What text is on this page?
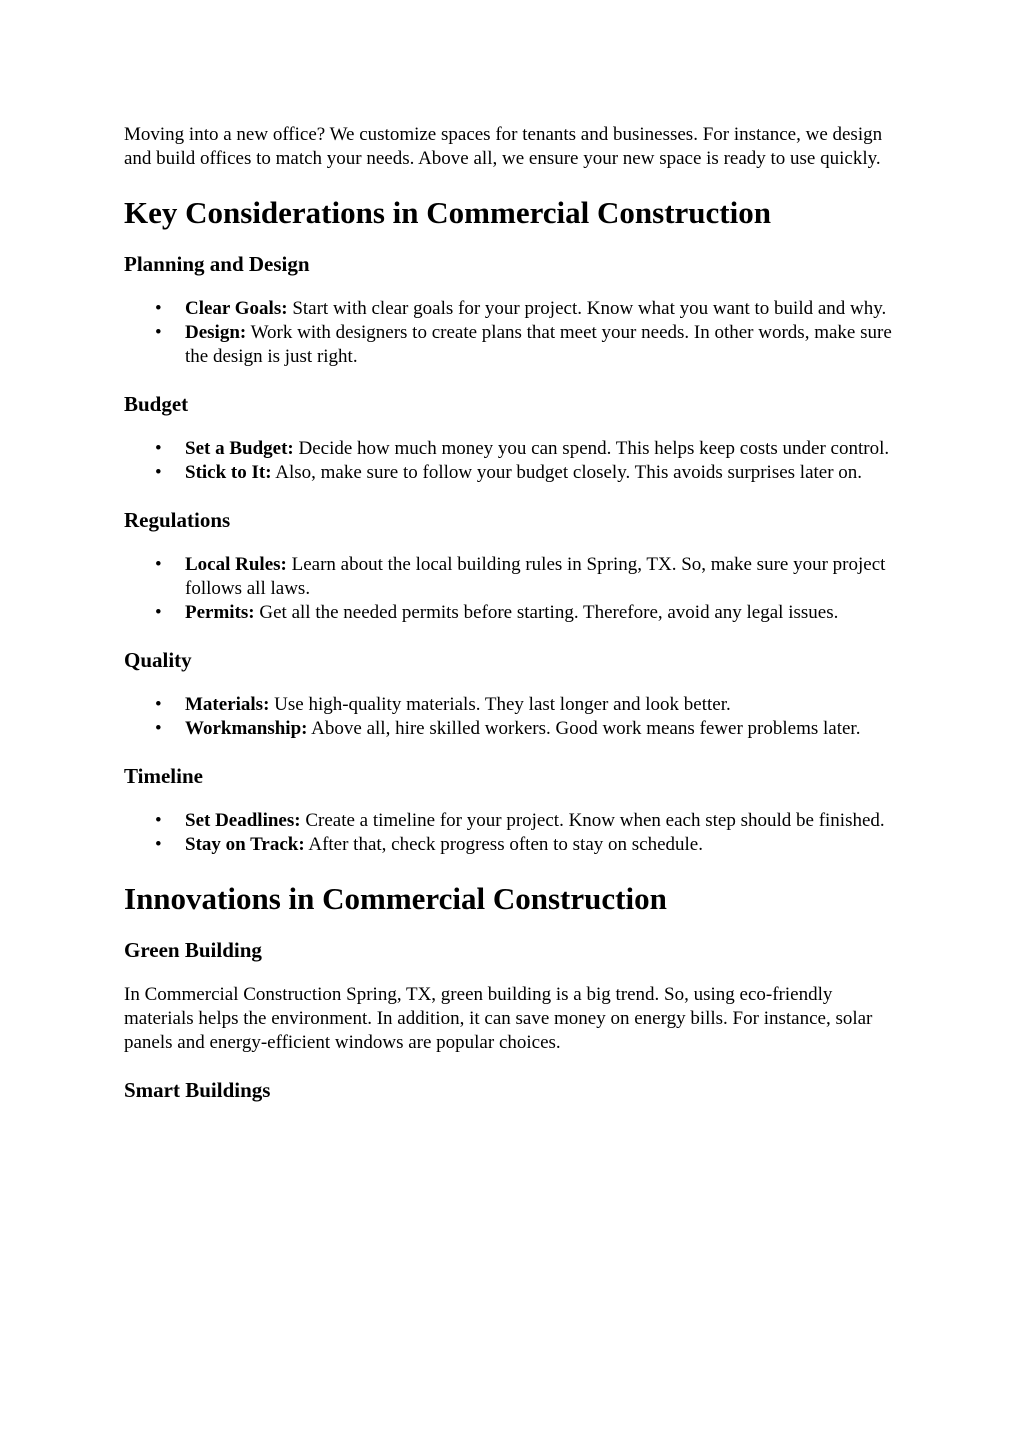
Moving into a new office? We customize spaces for tenants and businesses. For instance, we design and build offices to match your needs. Above all, we ensure your new space is ready to use quickly.

Key Considerations in Commercial Construction
Planning and Design
• Clear Goals: Start with clear goals for your project. Know what you want to build and why.
• Design: Work with designers to create plans that meet your needs. In other words, make sure the design is just right.
Budget
• Set a Budget: Decide how much money you can spend. This helps keep costs under control.
• Stick to It: Also, make sure to follow your budget closely. This avoids surprises later on.
Regulations
• Local Rules: Learn about the local building rules in Spring, TX. So, make sure your project follows all laws.
• Permits: Get all the needed permits before starting. Therefore, avoid any legal issues.
Quality
• Materials: Use high-quality materials. They last longer and look better.
• Workmanship: Above all, hire skilled workers. Good work means fewer problems later.
Timeline
• Set Deadlines: Create a timeline for your project. Know when each step should be finished.
• Stay on Track: After that, check progress often to stay on schedule.
Innovations in Commercial Construction
Green Building

In Commercial Construction Spring, TX, green building is a big trend. So, using eco-friendly materials helps the environment. In addition, it can save money on energy bills. For instance, solar panels and energy-efficient windows are popular choices.

Smart Buildings
